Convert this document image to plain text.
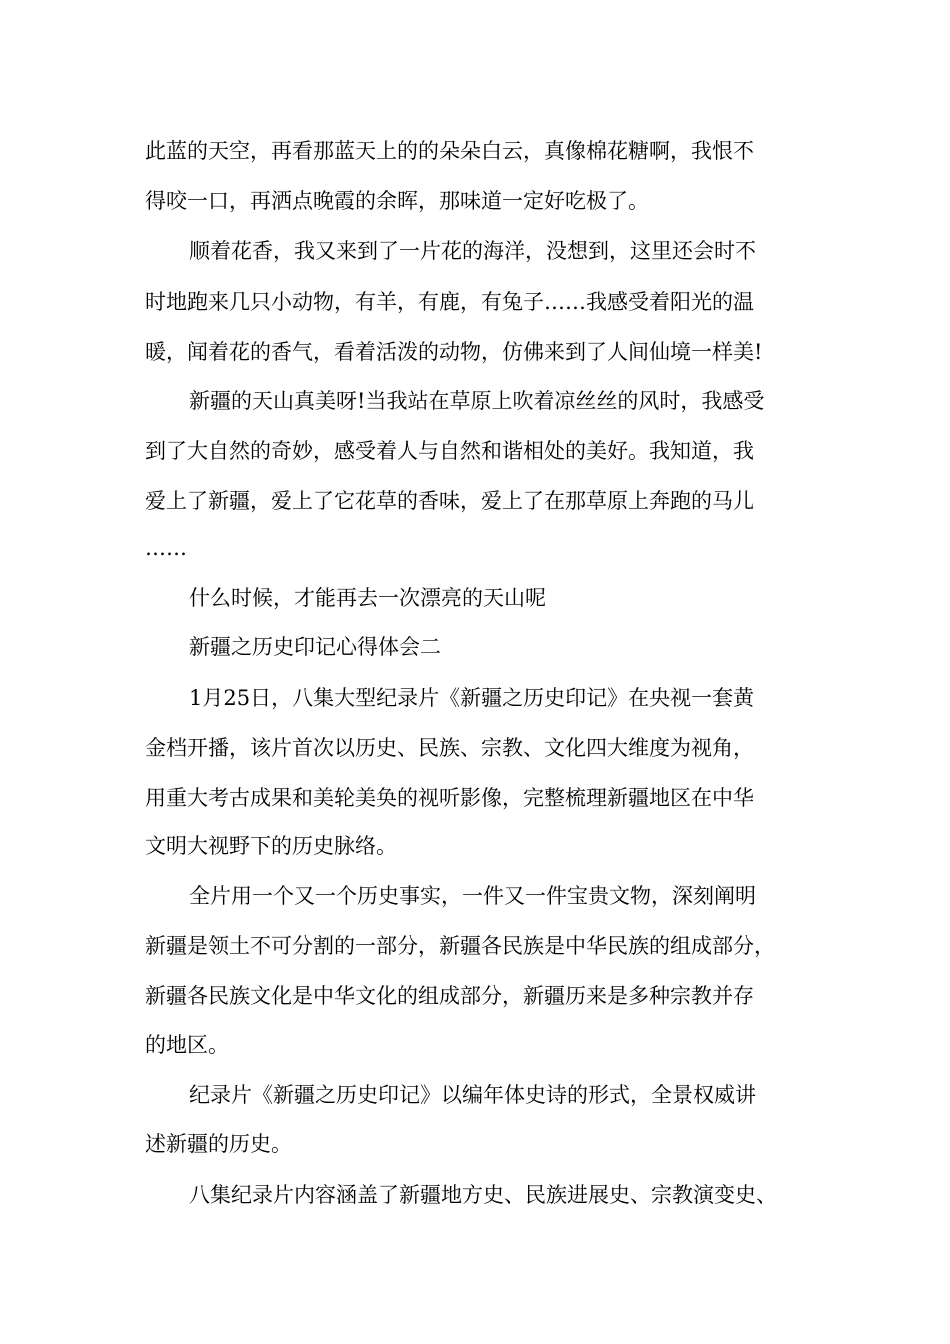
此蓝的天空，再看那蓝天上的的朵朵白云，真像棉花糖啊，我恨不

得咬一口，再洒点晚霞的余晖，那味道一定好吃极了。

顺着花香，我又来到了一片花的海洋，没想到，这里还会时不

时地跑来几只小动物，有羊，有鹿，有兔子……我感受着阳光的温

暖，闻着花的香气，看着活泼的动物，仿佛来到了人间仙境一样美!

新疆的天山真美呀!当我站在草原上吹着凉丝丝的风时，我感受

到了大自然的奇妙，感受着人与自然和谐相处的美好。我知道，我

爱上了新疆，爱上了它花草的香味，爱上了在那草原上奔跑的马儿

……

什么时候，才能再去一次漂亮的天山呢

新疆之历史印记心得体会二

1月25日，八集大型纪录片《新疆之历史印记》在央视一套黄

金档开播，该片首次以历史、民族、宗教、文化四大维度为视角，

用重大考古成果和美轮美奂的视听影像，完整梳理新疆地区在中华

文明大视野下的历史脉络。

全片用一个又一个历史事实，一件又一件宝贵文物，深刻阐明

新疆是领土不可分割的一部分，新疆各民族是中华民族的组成部分，

新疆各民族文化是中华文化的组成部分，新疆历来是多种宗教并存

的地区。

纪录片《新疆之历史印记》以编年体史诗的形式，全景权威讲

述新疆的历史。

八集纪录片内容涵盖了新疆地方史、民族进展史、宗教演变史、
